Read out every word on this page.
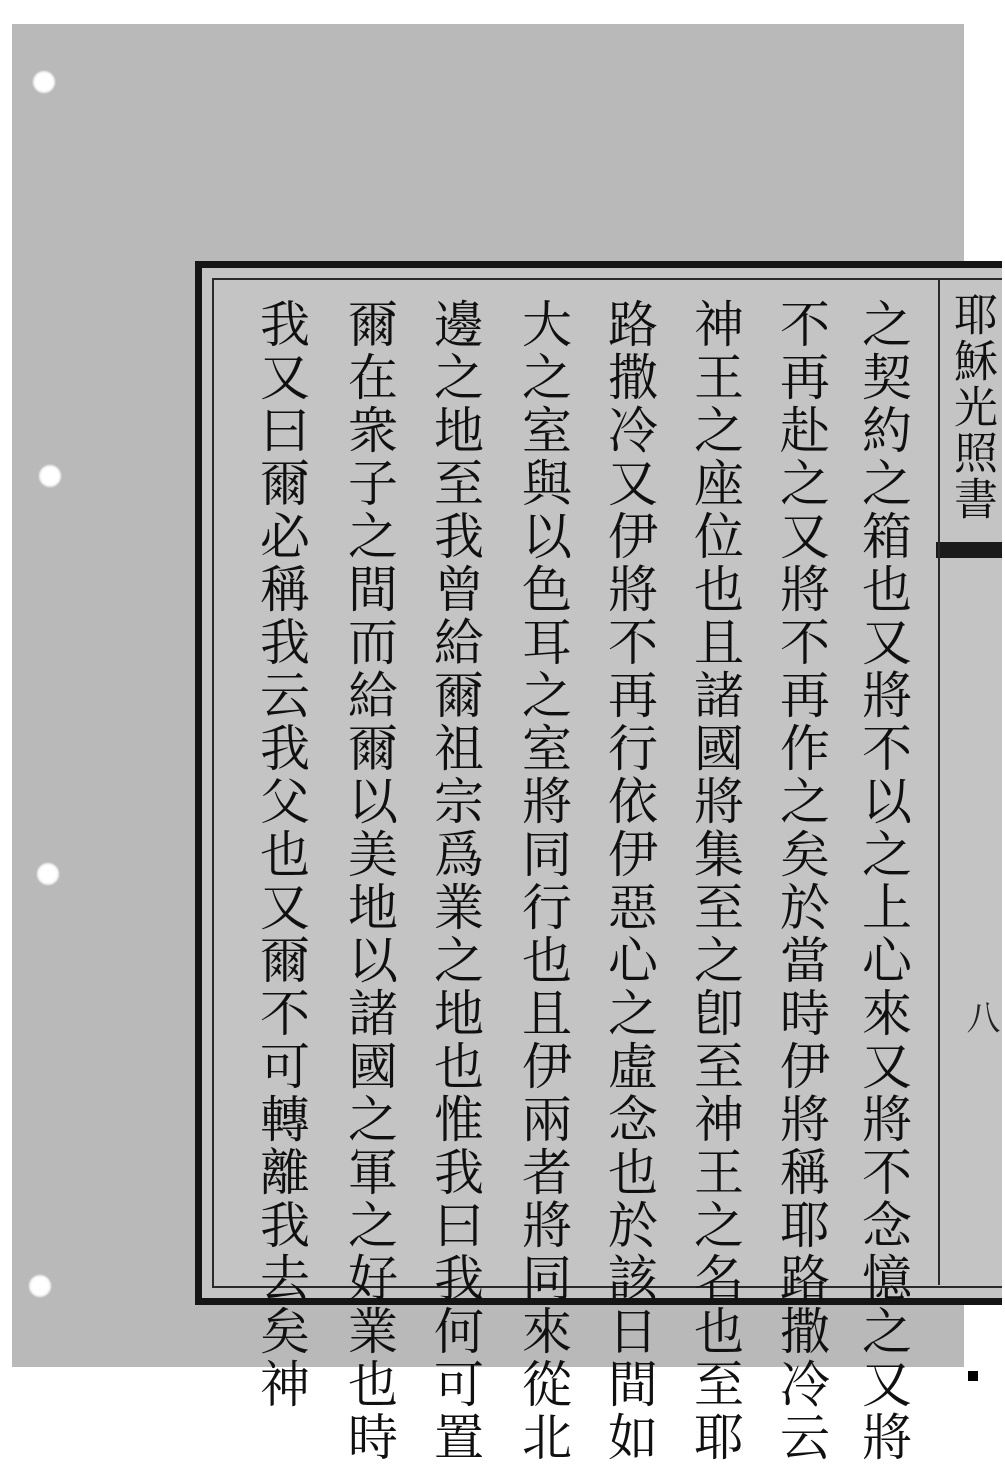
耶穌光照書
八
之契約之箱也又將不以之上心來又將不念憶之又將
不再赴之又將不再作之矣於當時伊將稱耶路撒冷云
神王之座位也且諸國將集至之卽至神王之名也至耶
路撒冷又伊將不再行依伊惡心之虛念也於該日間如
大之室與以色耳之室將同行也且伊兩者將同來從北
邊之地至我曾給爾祖宗爲業之地也惟我曰我何可置
爾在衆子之間而給爾以美地以諸國之軍之好業也時
我又曰爾必稱我云我父也又爾不可轉離我去矣神
